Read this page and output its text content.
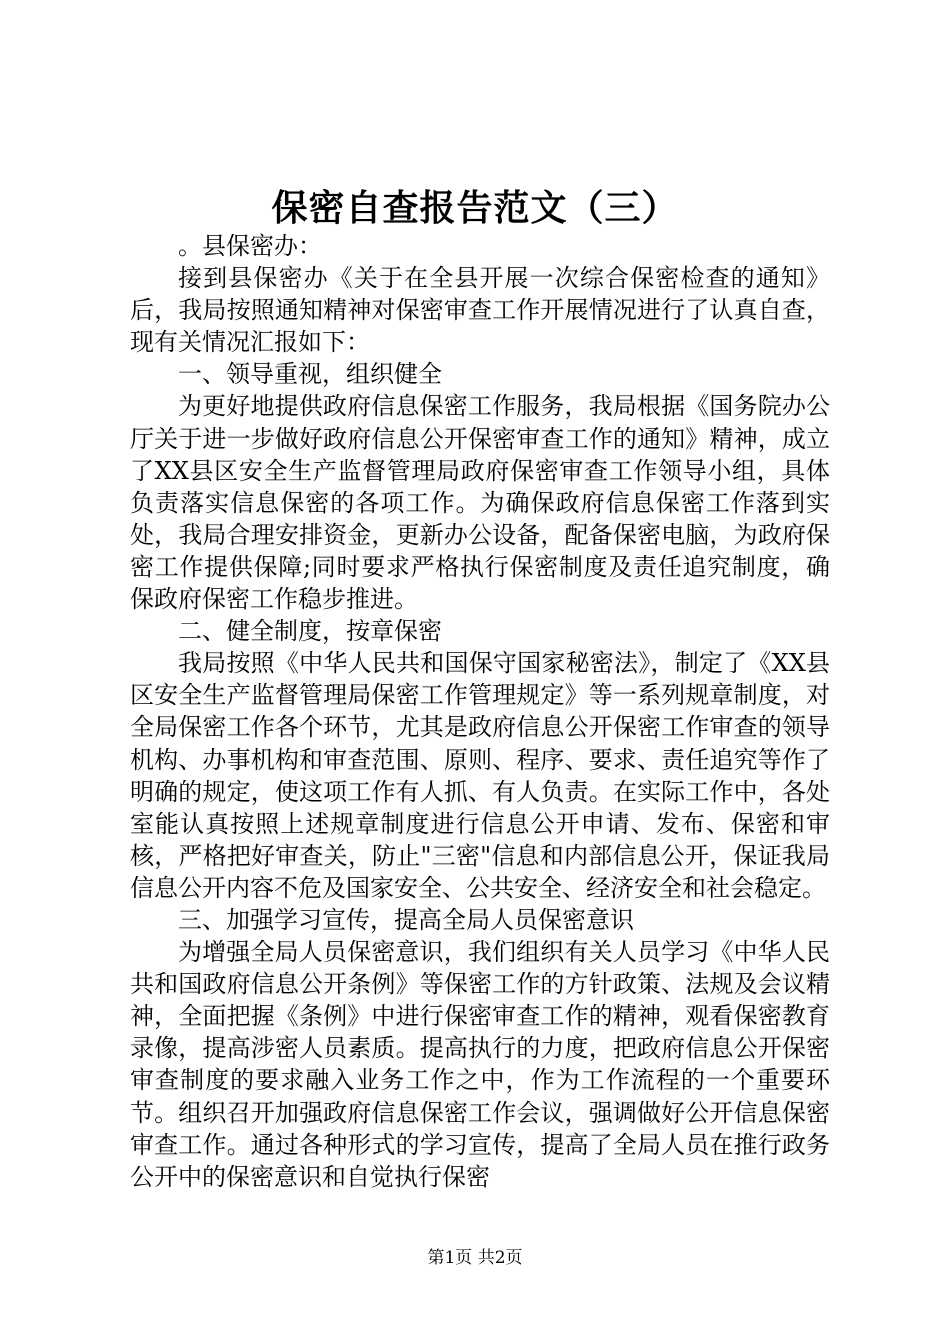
保密自查报告范文（三）

。县保密办：

接到县保密办《关于在全县开展一次综合保密检查的通知》后，我局按照通知精神对保密审查工作开展情况进行了认真自查，现有关情况汇报如下：

一、领导重视，组织健全

为更好地提供政府信息保密工作服务，我局根据《国务院办公厅关于进一步做好政府信息公开保密审查工作的通知》精神，成立了XX县区安全生产监督管理局政府保密审查工作领导小组，具体负责落实信息保密的各项工作。为确保政府信息保密工作落到实处，我局合理安排资金，更新办公设备，配备保密电脑，为政府保密工作提供保障;同时要求严格执行保密制度及责任追究制度，确保政府保密工作稳步推进。

二、健全制度，按章保密

我局按照《中华人民共和国保守国家秘密法》，制定了《XX县区安全生产监督管理局保密工作管理规定》等一系列规章制度，对全局保密工作各个环节，尤其是政府信息公开保密工作审查的领导机构、办事机构和审查范围、原则、程序、要求、责任追究等作了明确的规定，使这项工作有人抓、有人负责。在实际工作中，各处室能认真按照上述规章制度进行信息公开申请、发布、保密和审核，严格把好审查关，防止"三密"信息和内部信息公开，保证我局信息公开内容不危及国家安全、公共安全、经济安全和社会稳定。

三、加强学习宣传，提高全局人员保密意识

为增强全局人员保密意识，我们组织有关人员学习《中华人民共和国政府信息公开条例》等保密工作的方针政策、法规及会议精神，全面把握《条例》中进行保密审查工作的精神，观看保密教育录像，提高涉密人员素质。提高执行的力度，把政府信息公开保密审查制度的要求融入业务工作之中，作为工作流程的一个重要环节。组织召开加强政府信息保密工作会议，强调做好公开信息保密审查工作。通过各种形式的学习宣传，提高了全局人员在推行政务公开中的保密意识和自觉执行保密

第1页 共2页
